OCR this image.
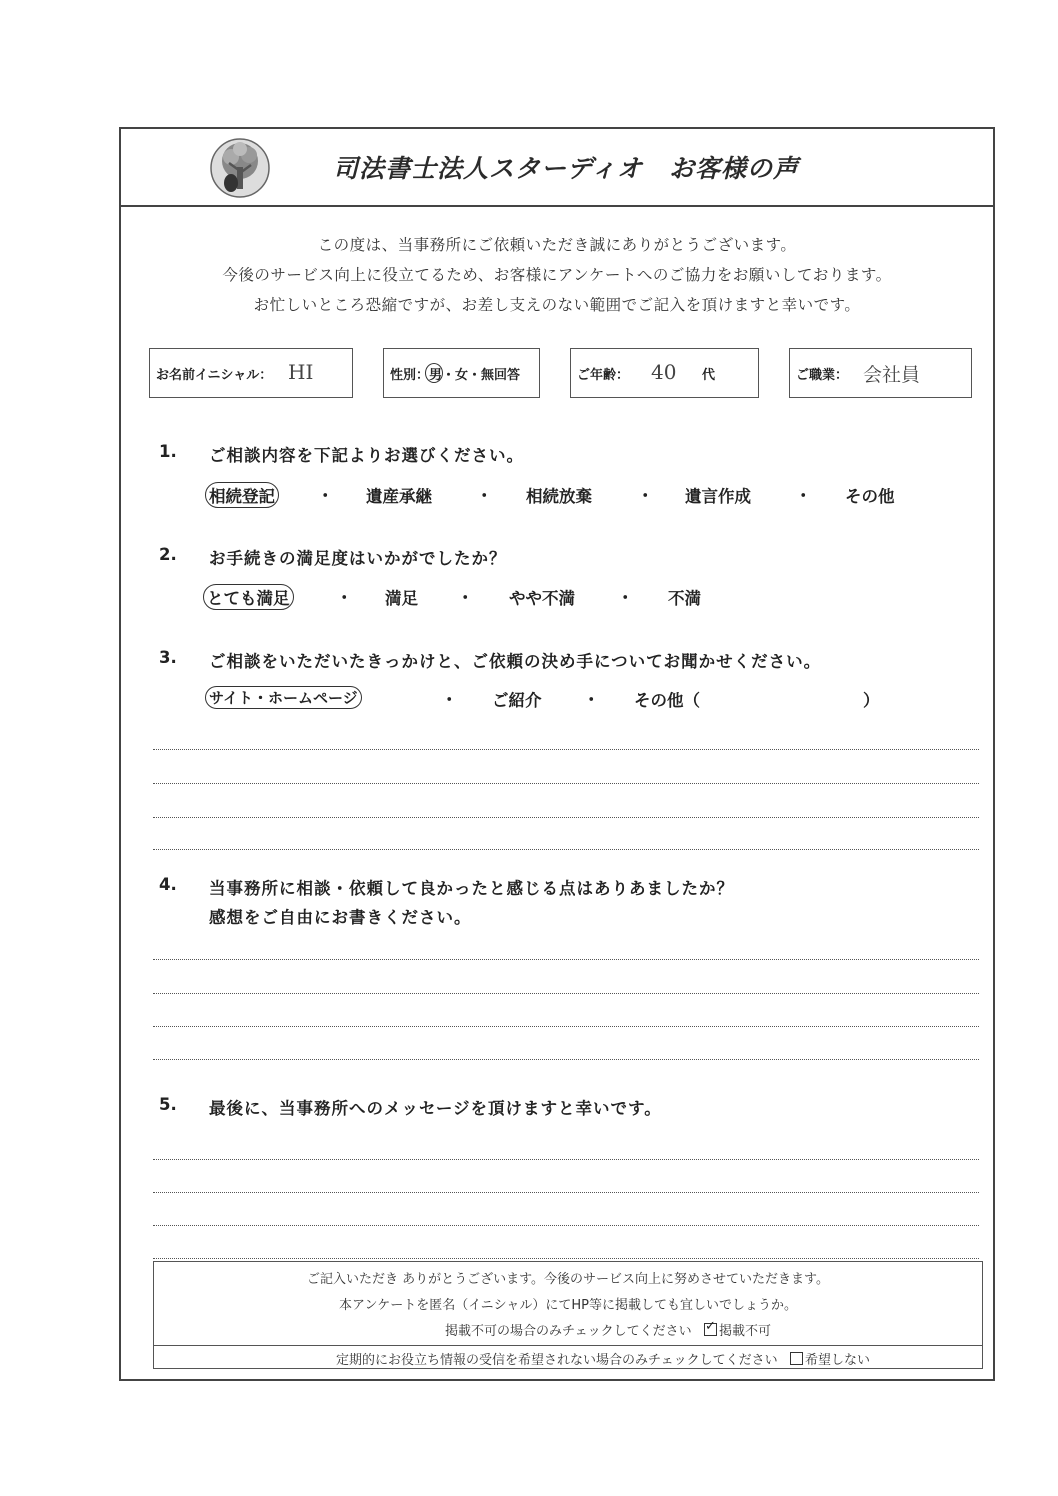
司法書士法人スターディオ　お客様の声
この度は、当事務所にご依頼いただき誠にありがとうございます。
今後のサービス向上に役立てるため、お客様にアンケートへのご協力をお願いしております。
お忙しいところ恐縮ですが、お差し支えのない範囲でご記入を頂けますと幸いです。
お名前イニシャル： HI	性別：男・女・無回答	ご年齢： 40 代	ご職業： 会社員
1. ご相談内容を下記よりお選びください。
相続登記	・ 遺産承継	・ 相続放棄	・ 遺言作成	・ その他
2. お手続きの満足度はいかがでしたか？
とても満足	・ 満足 ・ やや不満	・ 不満
3. ご相談をいただいたきっかけと、ご依頼の決め手についてお聞かせください。
サイト・ホームページ	・ ご紹介	・ その他（	）
4. 当事務所に相談・依頼して良かったと感じる点はありあましたか？
感想をご自由にお書きください。
5. 最後に、当事務所へのメッセージを頂けますと幸いです。
ご記入いただき ありがとうございます。今後のサービス向上に努めさせていただきます。
本アンケートを匿名（イニシャル）にてHP等に掲載しても宜しいでしょうか。
掲載不可の場合のみチェックしてください   ✓ 掲載不可
定期的にお役立ち情報の受信を希望されない場合のみチェックしてください 希望しない
